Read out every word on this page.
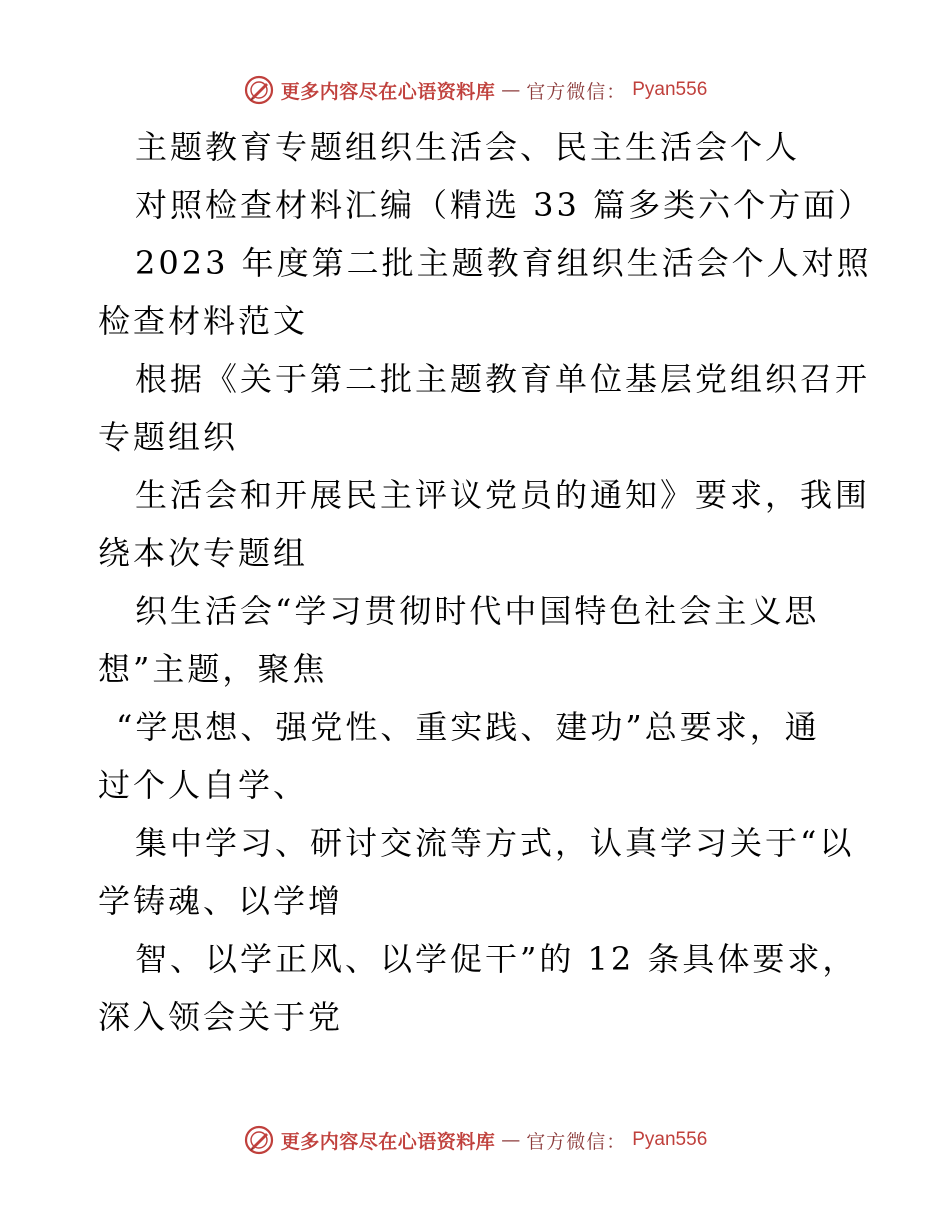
更多内容尽在心语资料库 — 官方微信： Pyan556
主题教育专题组织生活会、民主生活会个人
对照检查材料汇编（精选 33 篇多类六个方面）
2023 年度第二批主题教育组织生活会个人对照
检查材料范文
根据《关于第二批主题教育单位基层党组织召开
专题组织
生活会和开展民主评议党员的通知》要求，我围
绕本次专题组
织生活会“学习贯彻时代中国特色社会主义思
想”主题，聚焦
“学思想、强党性、重实践、建功”总要求，通
过个人自学、
集中学习、研讨交流等方式，认真学习关于“以
学铸魂、以学增
智、以学正风、以学促干”的 12 条具体要求，
深入领会关于党
更多内容尽在心语资料库 — 官方微信： Pyan556
